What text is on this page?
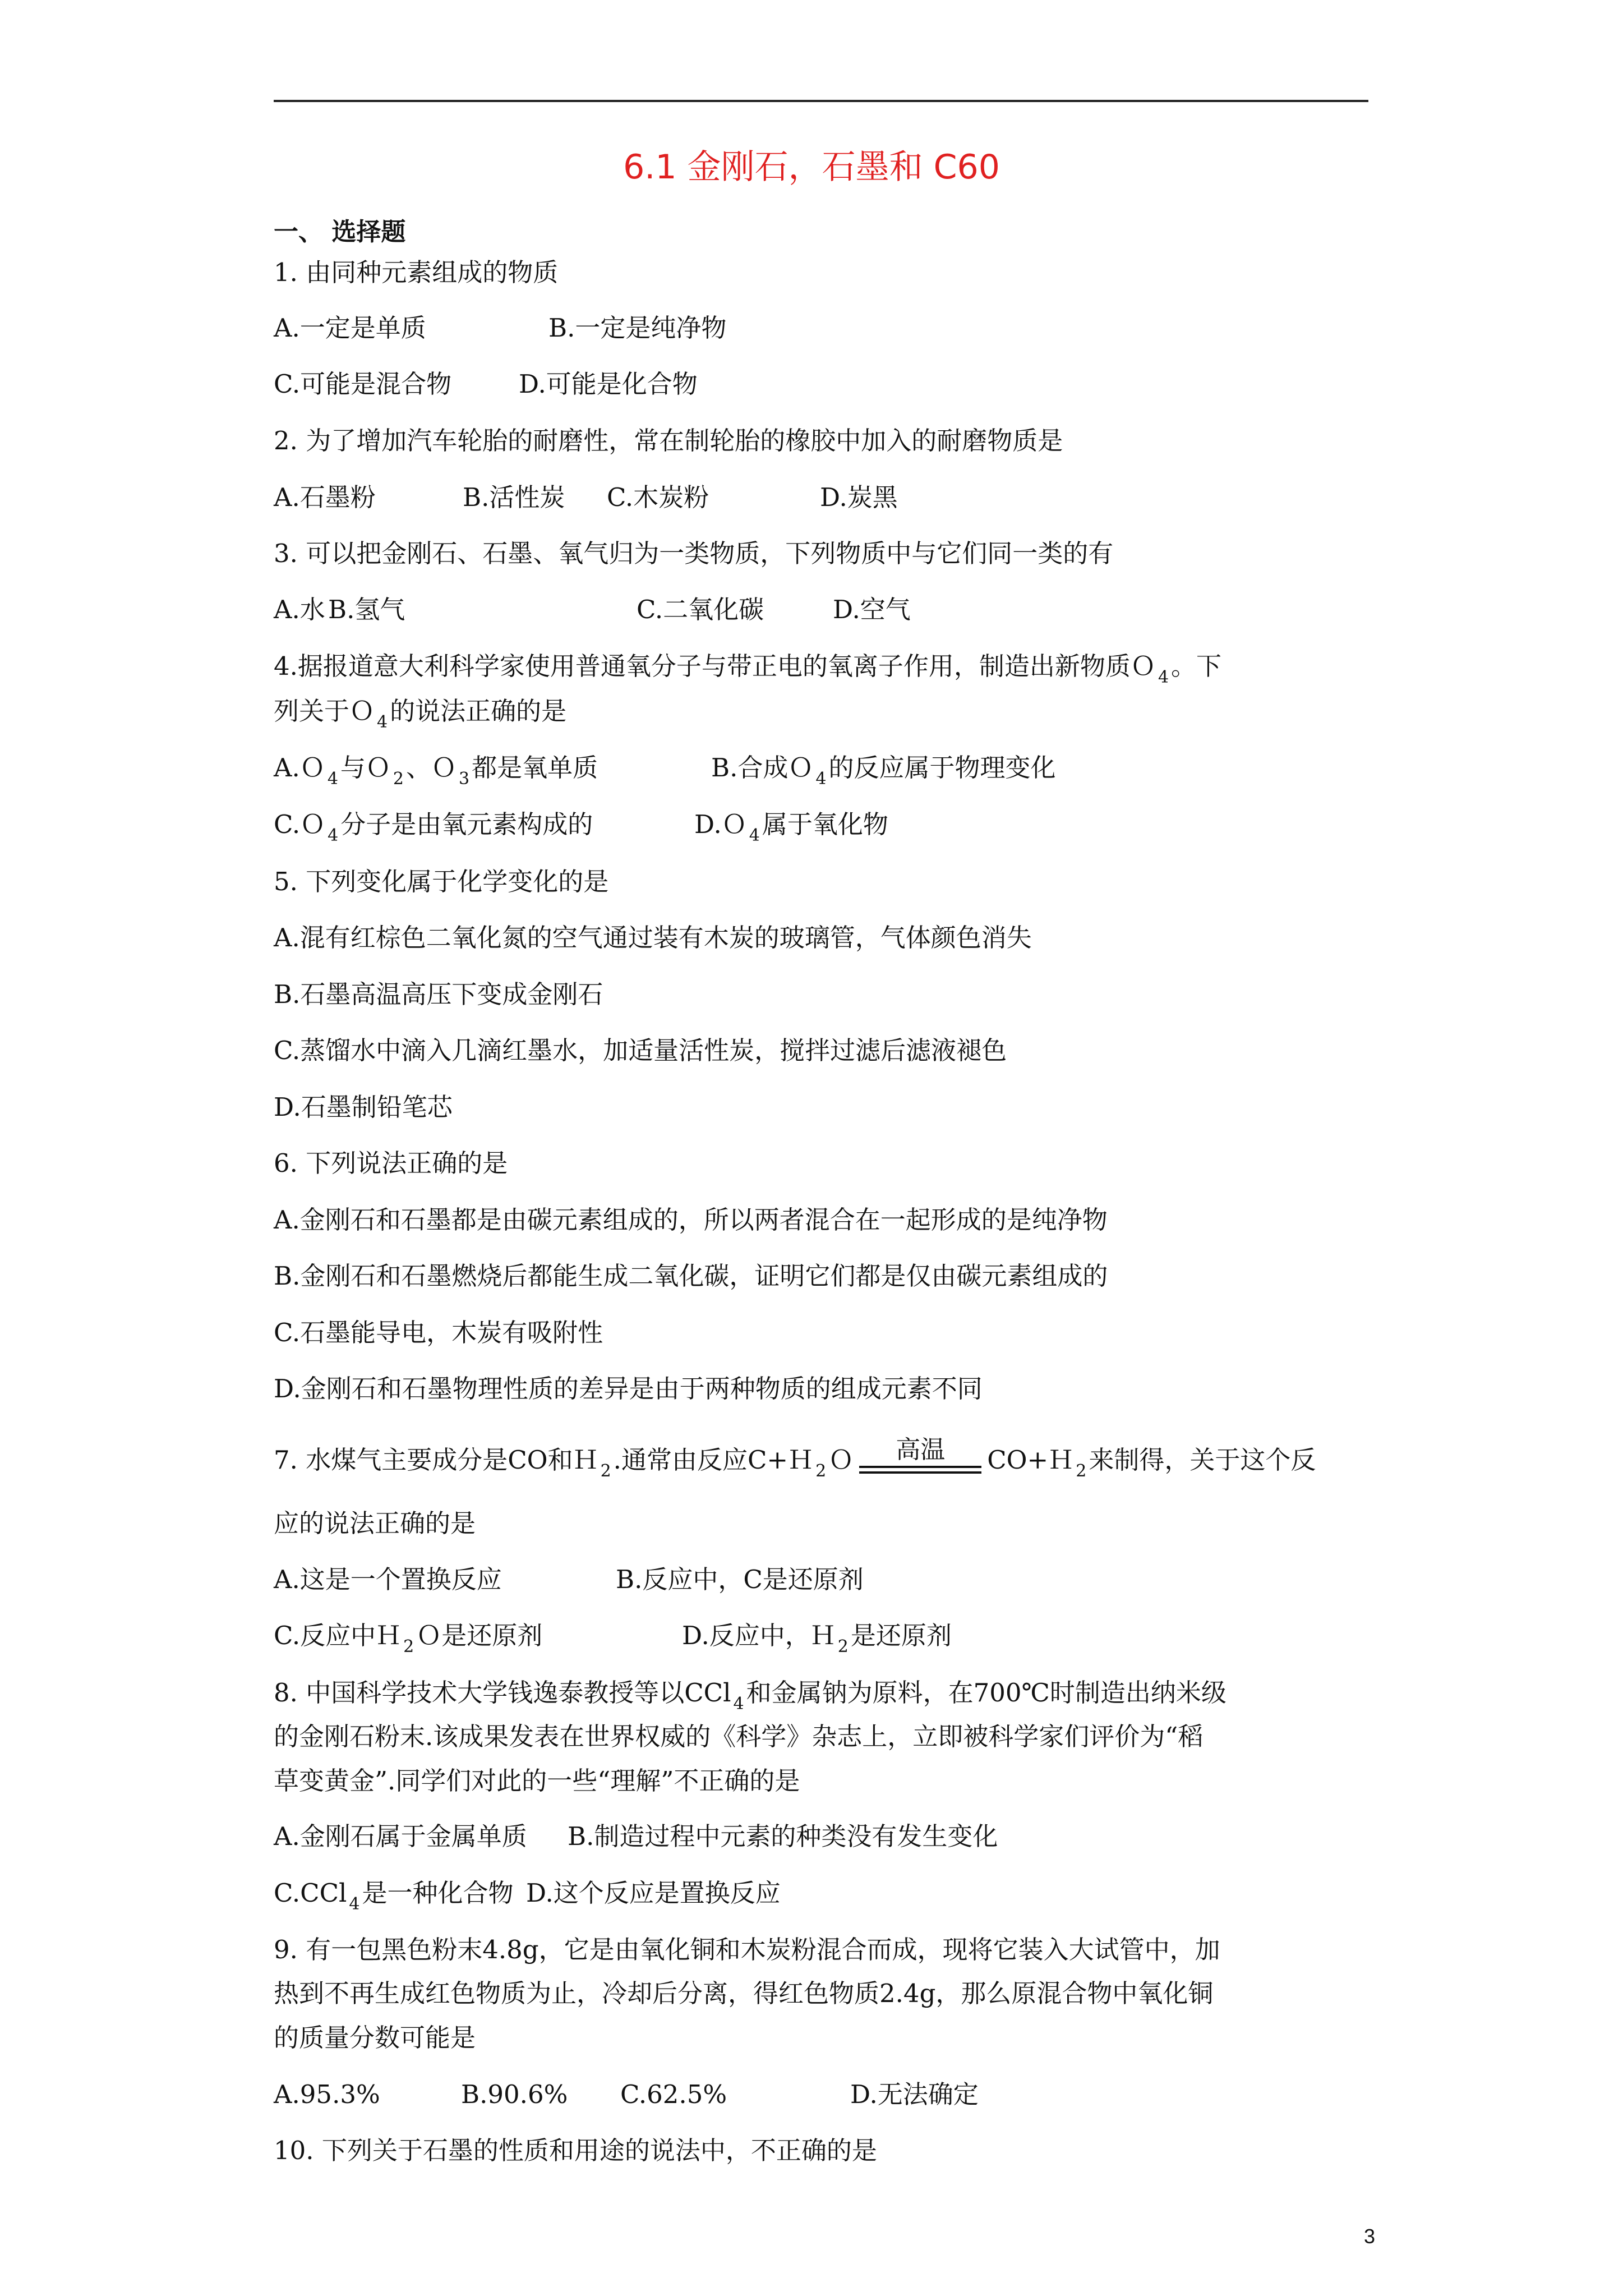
6.1 金刚石，石墨和 C60
一、 选择题
1. 由同种元素组成的物质
A.一定是单质	B.一定是纯净物
C.可能是混合物	D.可能是化合物
2. 为了增加汽车轮胎的耐磨性，常在制轮胎的橡胶中加入的耐磨物质是
A.石墨粉	B.活性炭 C.木炭粉	D.炭黑
3. 可以把金刚石、石墨、氧气归为一类物质，下列物质中与它们同一类的有
A.水 B.氢气	C.二氧化碳	D.空气
4.据报道意大利科学家使用普通氧分子与带正电的氧离子作用，制造出新物质Ｏ $_4$。下
列关于Ｏ $_4$的说法正确的是
A.Ｏ $_4$与Ｏ $_2$、Ｏ $_3$都是氧单质	B.合成Ｏ $_4$的反应属于物理变化
C.Ｏ $_4$分子是由氧元素构成的	D.Ｏ $_4$属于氧化物
5. 下列变化属于化学变化的是
A.混有红棕色二氧化氮的空气通过装有木炭的玻璃管，气体颜色消失
B.石墨高温高压下变成金刚石
C.蒸馏水中滴入几滴红墨水，加适量活性炭，搅拌过滤后滤液褪色
D.石墨制铅笔芯
6. 下列说法正确的是
A.金刚石和石墨都是由碳元素组成的，所以两者混合在一起形成的是纯净物
B.金刚石和石墨燃烧后都能生成二氧化碳，证明它们都是仅由碳元素组成的
C.石墨能导电，木炭有吸附性
D.金刚石和石墨物理性质的差异是由于两种物质的组成元素不同
7. 水煤气主要成分是CO和Ｈ $_2$.通常由反应C+Ｈ $_2$Ｏ	高温	CO+Ｈ $_2$来制得，关于这个反
应的说法正确的是
A.这是一个置换反应	B.反应中，C是还原剂
C.反应中Ｈ $_2$Ｏ是还原剂	D.反应中，Ｈ $_2$是还原剂
8. 中国科学技术大学钱逸泰教授等以CCl $_4$和金属钠为原料，在700℃时制造出纳米级
的金刚石粉末.该成果发表在世界权威的《科学》杂志上，立即被科学家们评价为“稻
草变黄金”.同学们对此的一些“理解”不正确的是
A.金刚石属于金属单质 B.制造过程中元素的种类没有发生变化
C.CCl $_4$是一种化合物 D.这个反应是置换反应
9. 有一包黑色粉末4.8g，它是由氧化铜和木炭粉混合而成，现将它装入大试管中，加
热到不再生成红色物质为止，冷却后分离，得红色物质2.4g，那么原混合物中氧化铜
的质量分数可能是
A.95.3%	B.90.6% C.62.5%	D.无法确定
10. 下列关于石墨的性质和用途的说法中，不正确的是
3
